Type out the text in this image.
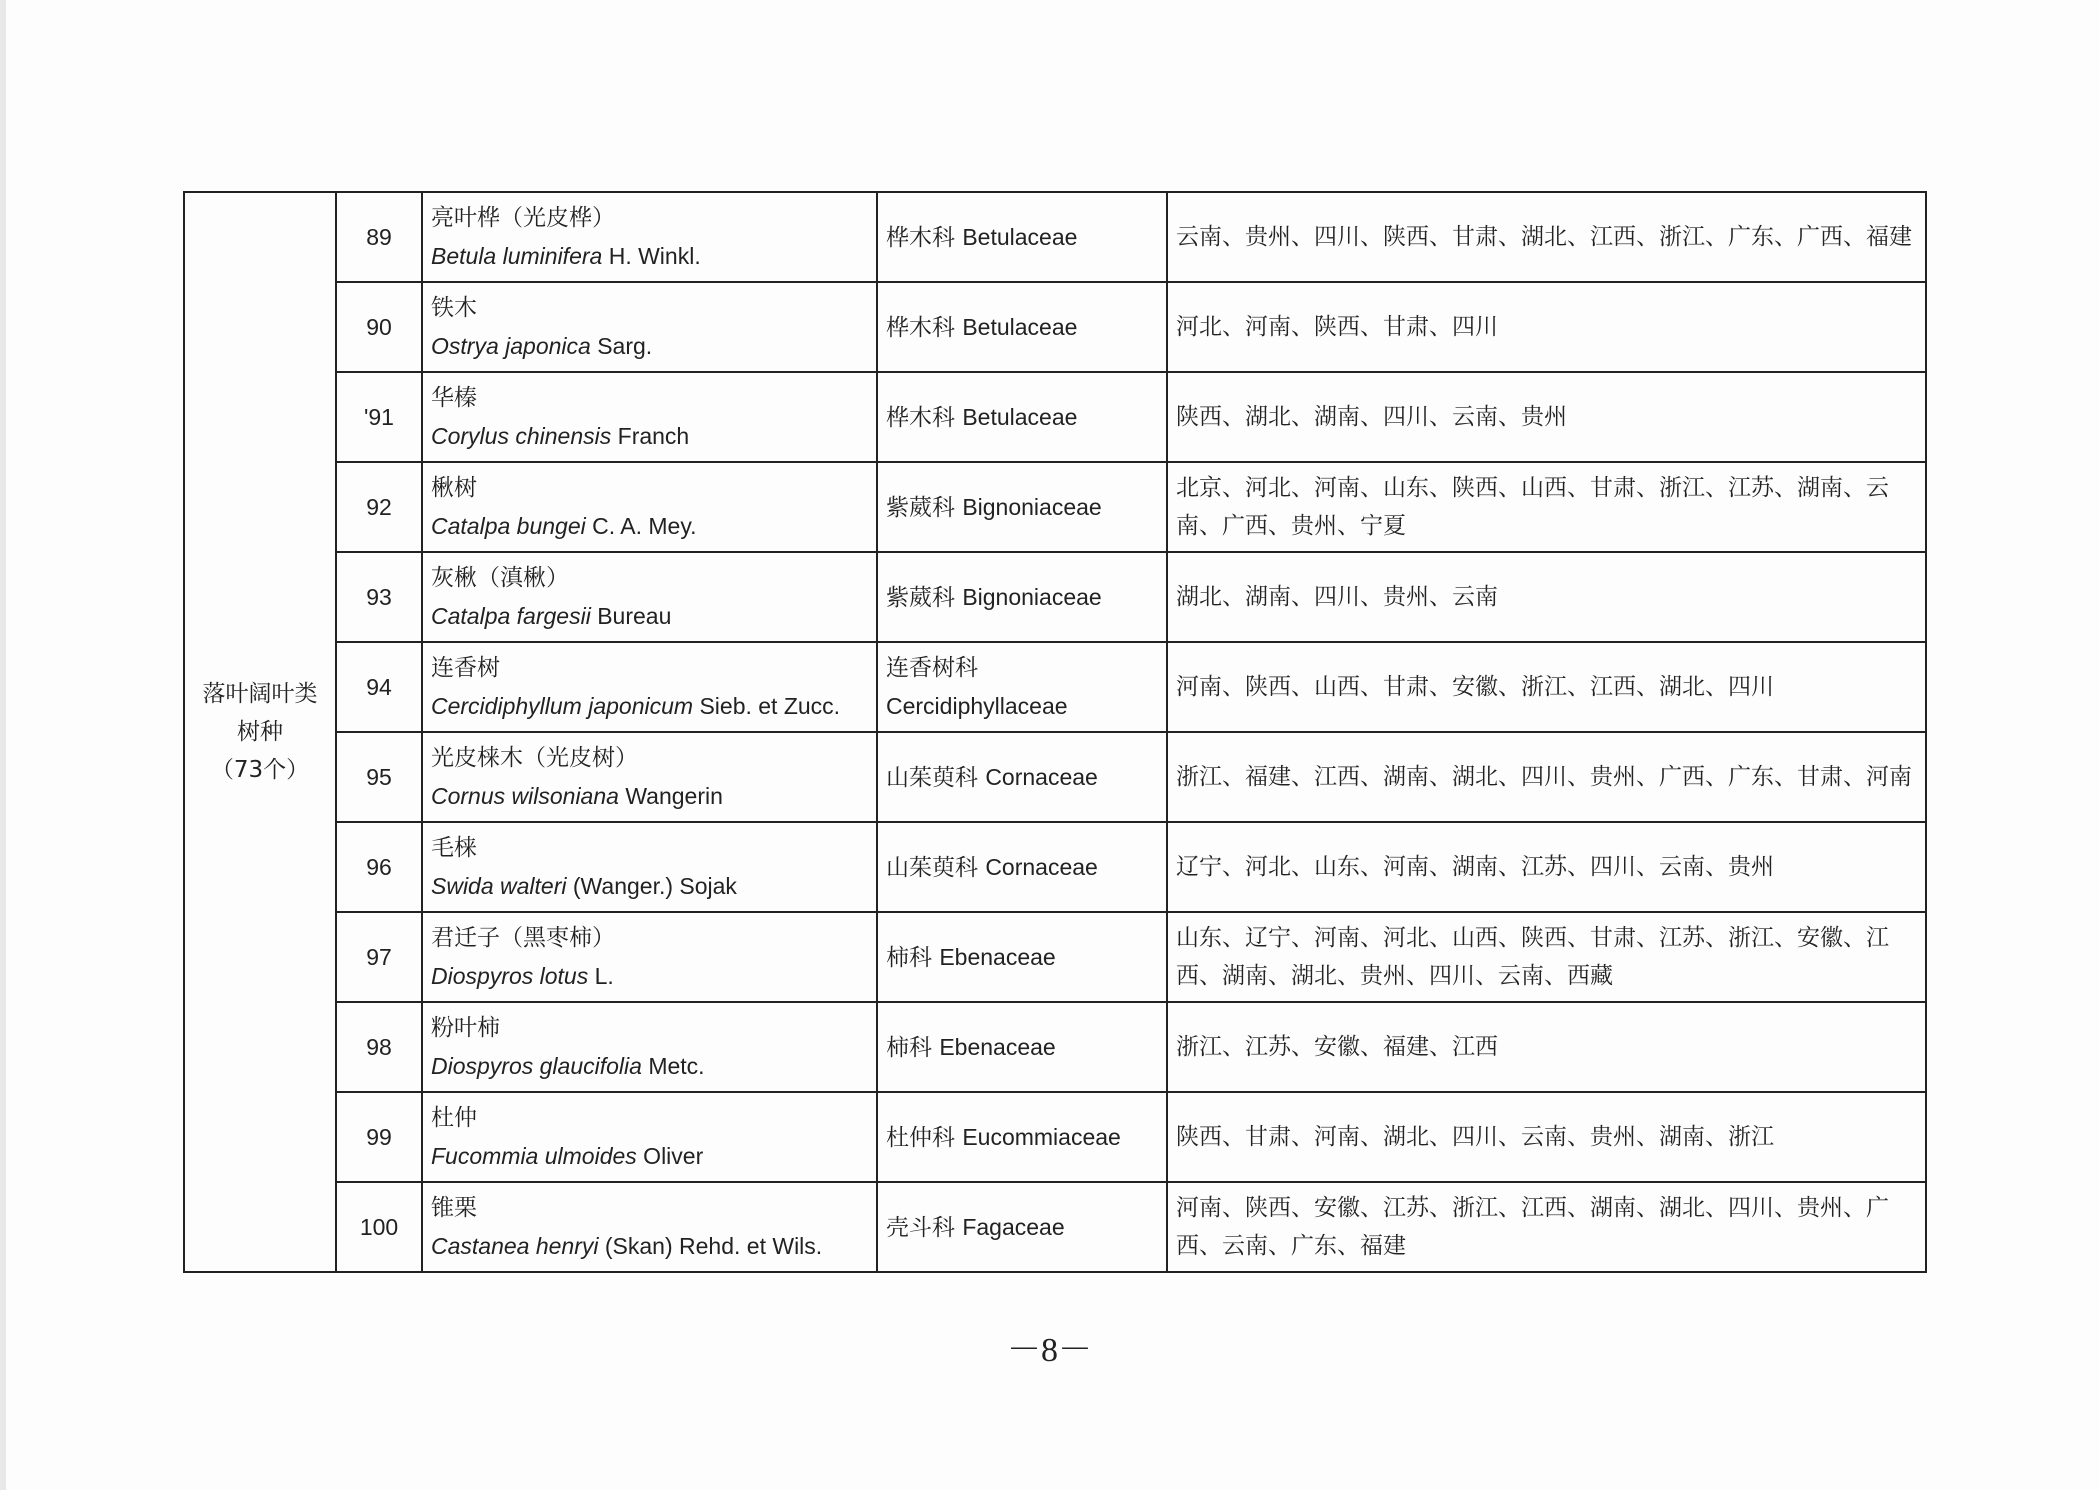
落叶阔叶类
树种
（73个）	89	亮叶桦（光皮桦）
Betula luminifera H. Winkl.	桦木科 Betulaceae	云南、贵州、四川、陕西、甘肃、湖北、江西、浙江、广东、广西、福建
	90	铁木
Ostrya japonica Sarg.	桦木科 Betulaceae	河北、河南、陕西、甘肃、四川
	'91	华榛
Corylus chinensis Franch	桦木科 Betulaceae	陕西、湖北、湖南、四川、云南、贵州
	92	楸树
Catalpa bungei C. A. Mey.	紫葳科 Bignoniaceae	北京、河北、河南、山东、陕西、山西、甘肃、浙江、江苏、湖南、云南、广西、贵州、宁夏
	93	灰楸（滇楸）
Catalpa fargesii Bureau	紫葳科 Bignoniaceae	湖北、湖南、四川、贵州、云南
	94	连香树
Cercidiphyllum japonicum Sieb. et Zucc.	连香树科
Cercidiphyllaceae	河南、陕西、山西、甘肃、安徽、浙江、江西、湖北、四川
	95	光皮梾木（光皮树）
Cornus wilsoniana Wangerin	山茱萸科 Cornaceae	浙江、福建、江西、湖南、湖北、四川、贵州、广西、广东、甘肃、河南
	96	毛梾
Swida walteri (Wanger.) Sojak	山茱萸科 Cornaceae	辽宁、河北、山东、河南、湖南、江苏、四川、云南、贵州
	97	君迁子（黑枣柿）
Diospyros lotus L.	柿科 Ebenaceae	山东、辽宁、河南、河北、山西、陕西、甘肃、江苏、浙江、安徽、江西、湖南、湖北、贵州、四川、云南、西藏
	98	粉叶柿
Diospyros glaucifolia Metc.	柿科 Ebenaceae	浙江、江苏、安徽、福建、江西
	99	杜仲
Fucommia ulmoides Oliver	杜仲科 Eucommiaceae	陕西、甘肃、河南、湖北、四川、云南、贵州、湖南、浙江
	100	锥栗
Castanea henryi (Skan) Rehd. et Wils.	壳斗科 Fagaceae	河南、陕西、安徽、江苏、浙江、江西、湖南、湖北、四川、贵州、广西、云南、广东、福建
－8－
